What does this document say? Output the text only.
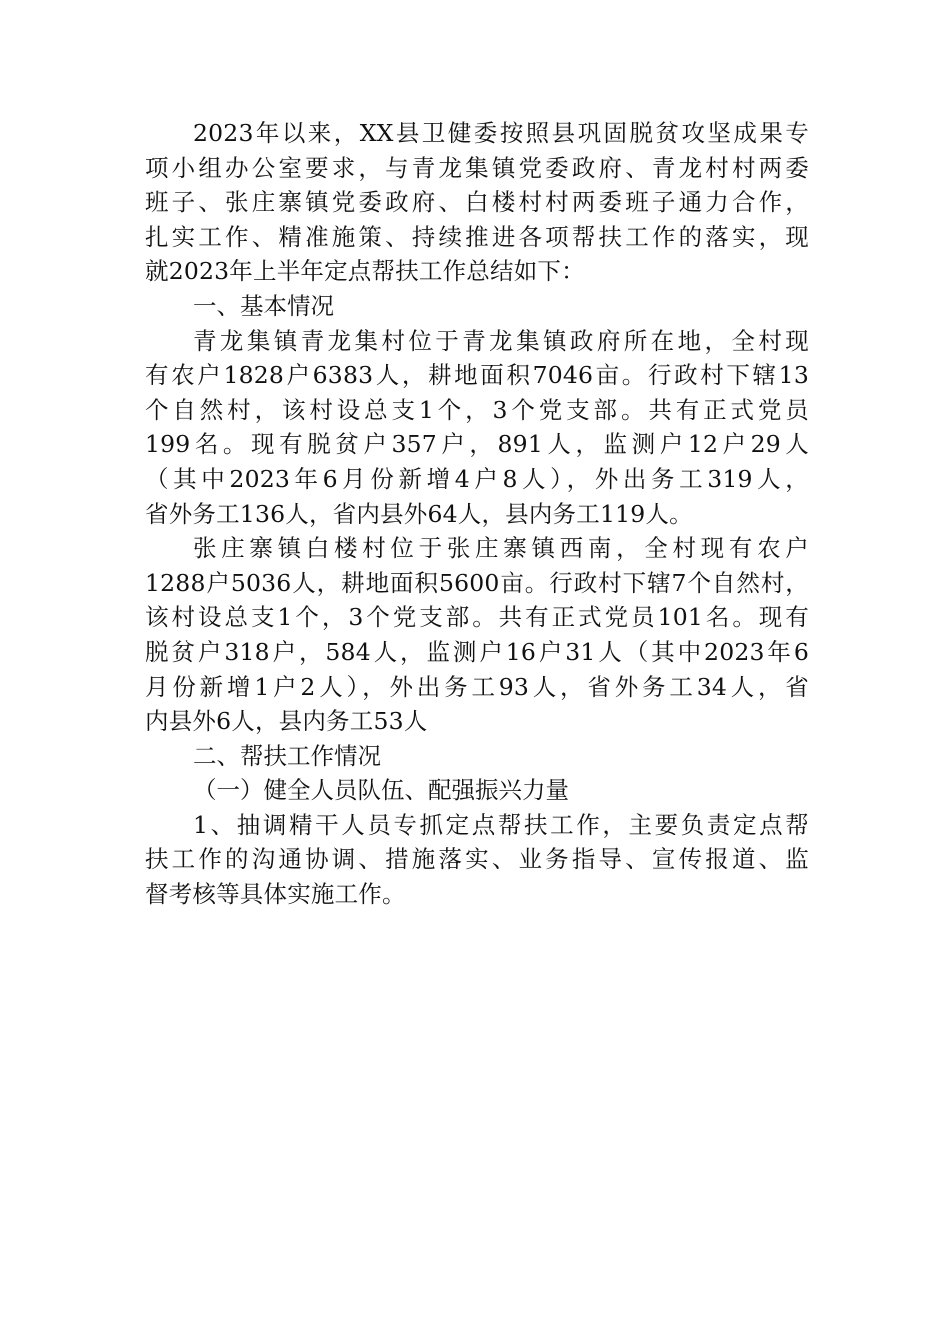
2023年以来，XX县卫健委按照县巩固脱贫攻坚成果专
项小组办公室要求，与青龙集镇党委政府、青龙村村两委
班子、张庄寨镇党委政府、白楼村村两委班子通力合作，
扎实工作、精准施策、持续推进各项帮扶工作的落实，现
就2023年上半年定点帮扶工作总结如下：
一、基本情况
青龙集镇青龙集村位于青龙集镇政府所在地，全村现
有农户1828户6383人，耕地面积7046亩。行政村下辖13
个自然村，该村设总支1个，3个党支部。共有正式党员
199名。现有脱贫户357户，891人，监测户12户29人
（其中2023年6月份新增4户8人），外出务工319人，
省外务工136人，省内县外64人，县内务工119人。
张庄寨镇白楼村位于张庄寨镇西南，全村现有农户
1288户5036人，耕地面积5600亩。行政村下辖7个自然村，
该村设总支1个，3个党支部。共有正式党员101名。现有
脱贫户318户，584人，监测户16户31人（其中2023年6
月份新增1户2人），外出务工93人，省外务工34人，省
内县外6人，县内务工53人
二、帮扶工作情况
（一）健全人员队伍、配强振兴力量
1、抽调精干人员专抓定点帮扶工作，主要负责定点帮
扶工作的沟通协调、措施落实、业务指导、宣传报道、监
督考核等具体实施工作。
